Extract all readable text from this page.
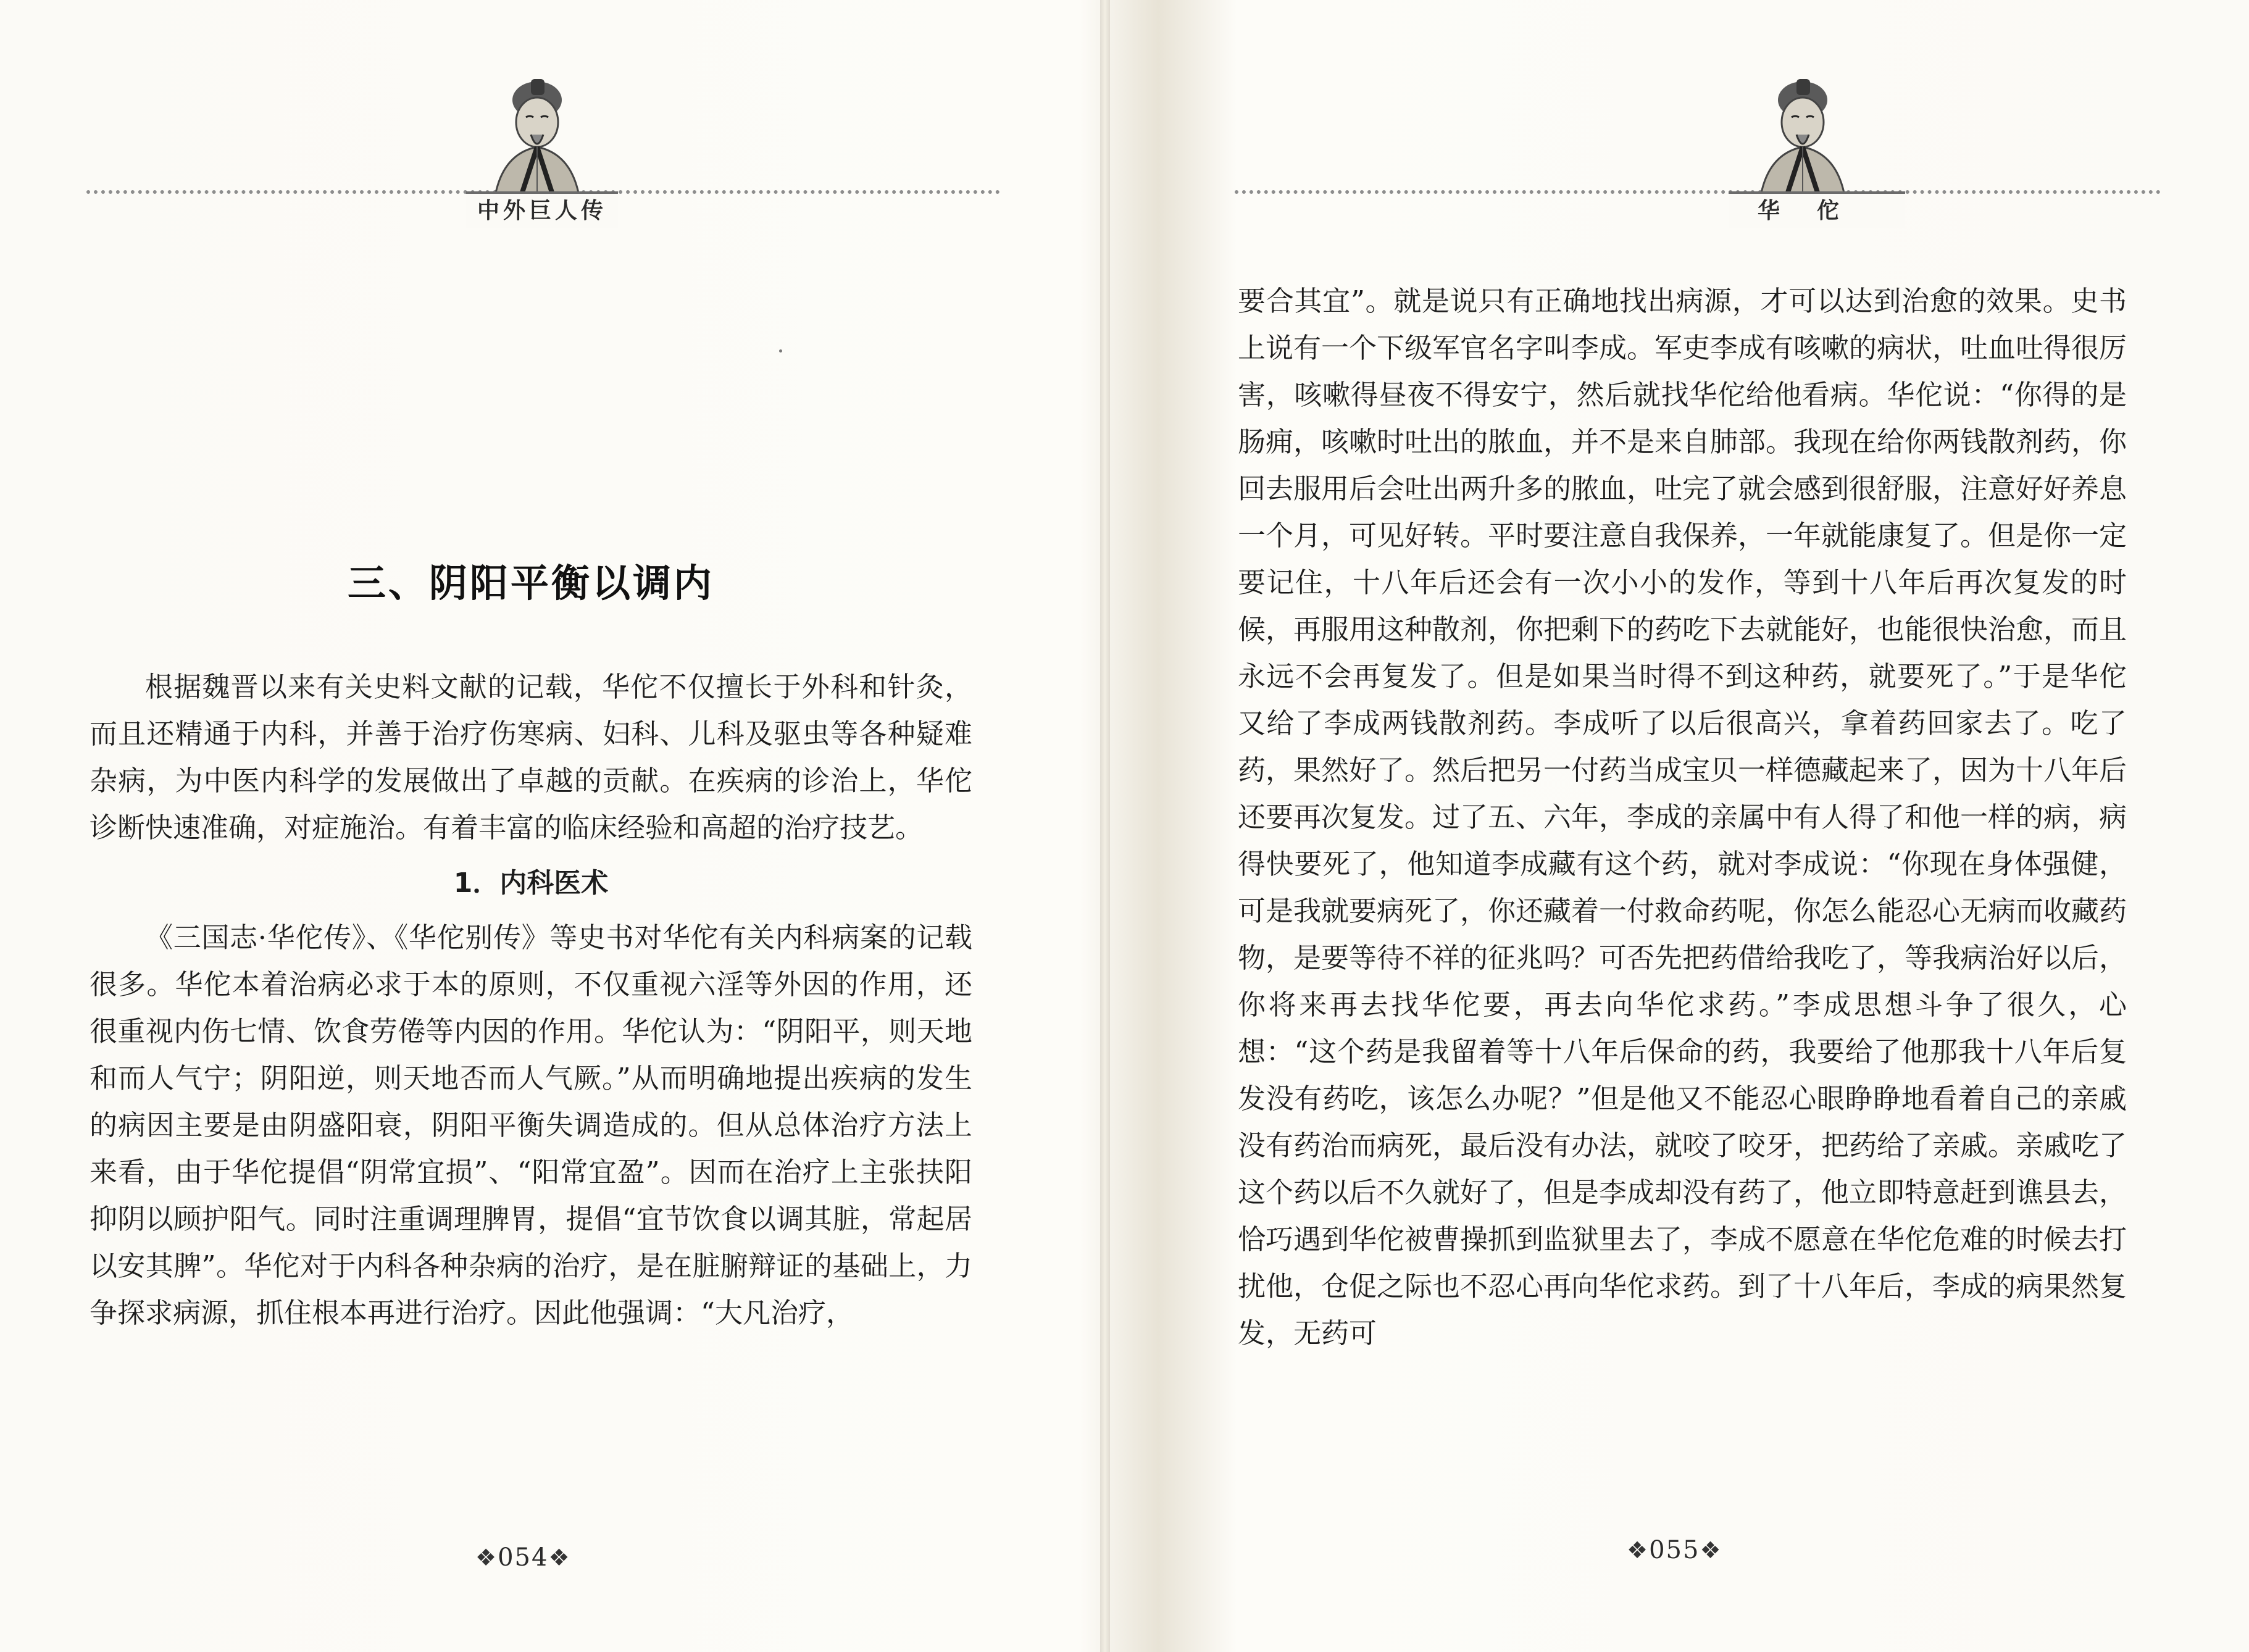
中外巨人传
三、阴阳平衡以调内

根据魏晋以来有关史料文献的记载，华佗不仅擅长于外科和针灸，而且还精通于内科，并善于治疗伤寒病、妇科、儿科及驱虫等各种疑难杂病，为中医内科学的发展做出了卓越的贡献。在疾病的诊治上，华佗诊断快速准确，对症施治。有着丰富的临床经验和高超的治疗技艺。

1．内科医术

《三国志·华佗传》、《华佗别传》等史书对华佗有关内科病案的记载很多。华佗本着治病必求于本的原则，不仅重视六淫等外因的作用，还很重视内伤七情、饮食劳倦等内因的作用。华佗认为：“阴阳平，则天地和而人气宁；阴阳逆，则天地否而人气厥。”从而明确地提出疾病的发生的病因主要是由阴盛阳衰，阴阳平衡失调造成的。但从总体治疗方法上来看，由于华佗提倡“阴常宜损”、“阳常宜盈”。因而在治疗上主张扶阳抑阴以顾护阳气。同时注重调理脾胃，提倡“宜节饮食以调其脏，常起居以安其脾”。华佗对于内科各种杂病的治疗，是在脏腑辩证的基础上，力争探求病源，抓住根本再进行治疗。因此他强调：“大凡治疗，

❖054❖
华佗

要合其宜”。就是说只有正确地找出病源，才可以达到治愈的效果。史书上说有一个下级军官名字叫李成。军吏李成有咳嗽的病状，吐血吐得很厉害，咳嗽得昼夜不得安宁，然后就找华佗给他看病。华佗说：“你得的是肠痈，咳嗽时吐出的脓血，并不是来自肺部。我现在给你两钱散剂药，你回去服用后会吐出两升多的脓血，吐完了就会感到很舒服，注意好好养息一个月，可见好转。平时要注意自我保养，一年就能康复了。但是你一定要记住，十八年后还会有一次小小的发作，等到十八年后再次复发的时候，再服用这种散剂，你把剩下的药吃下去就能好，也能很快治愈，而且永远不会再复发了。但是如果当时得不到这种药，就要死了。”于是华佗又给了李成两钱散剂药。李成听了以后很高兴，拿着药回家去了。吃了药，果然好了。然后把另一付药当成宝贝一样德藏起来了，因为十八年后还要再次复发。过了五、六年，李成的亲属中有人得了和他一样的病，病得快要死了，他知道李成藏有这个药，就对李成说：“你现在身体强健，可是我就要病死了，你还藏着一付救命药呢，你怎么能忍心无病而收藏药物，是要等待不祥的征兆吗？可否先把药借给我吃了，等我病治好以后，你将来再去找华佗要，再去向华佗求药。”李成思想斗争了很久，心想：“这个药是我留着等十八年后保命的药，我要给了他那我十八年后复发没有药吃，该怎么办呢？”但是他又不能忍心眼睁睁地看着自己的亲戚没有药治而病死，最后没有办法，就咬了咬牙，把药给了亲戚。亲戚吃了这个药以后不久就好了，但是李成却没有药了，他立即特意赶到谯县去，恰巧遇到华佗被曹操抓到监狱里去了，李成不愿意在华佗危难的时候去打扰他，仓促之际也不忍心再向华佗求药。到了十八年后，李成的病果然复发，无药可

❖055❖
